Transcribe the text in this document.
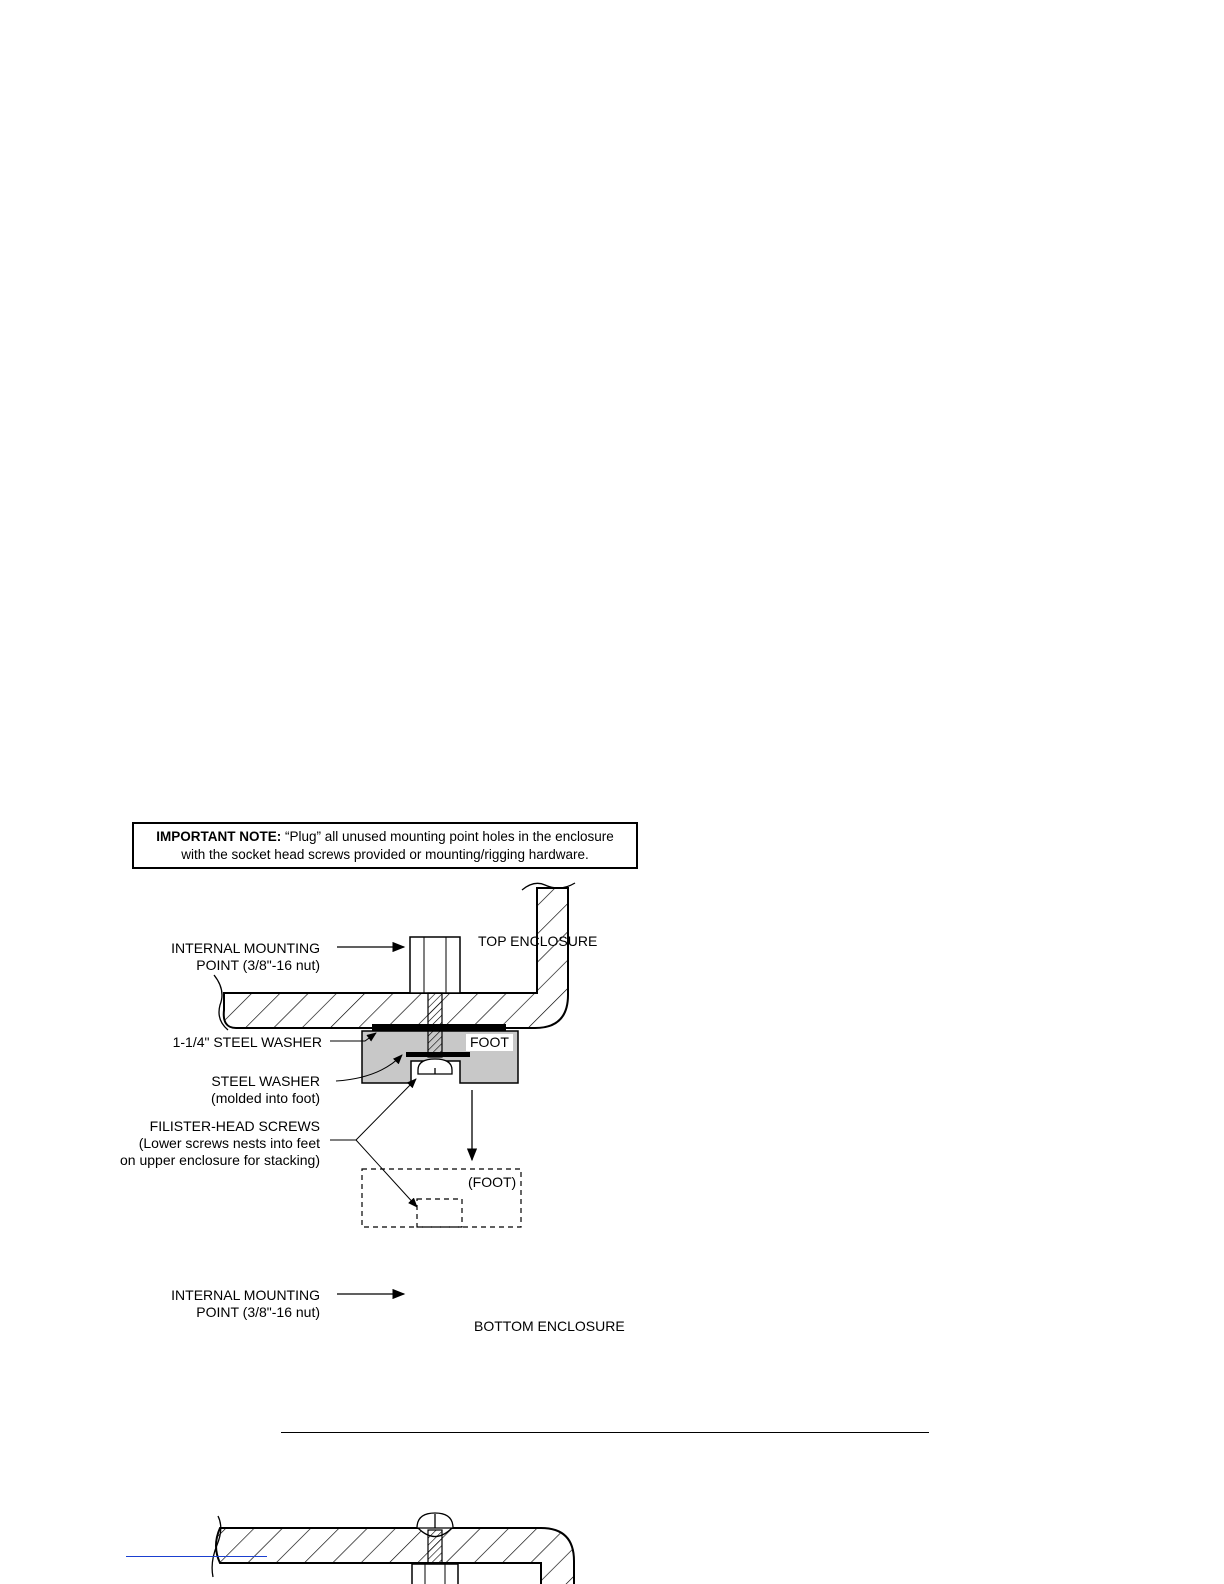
IMPORTANT NOTE: “Plug” all unused mounting point holes in the enclosure
with the socket head screws provided or mounting/rigging hardware.
INTERNAL MOUNTING
POINT (3/8"-16 nut)
TOP ENCLOSURE
1-1/4" STEEL WASHER	FOOT
STEEL WASHER
(molded into foot)
FILISTER-HEAD SCREWS
(Lower screws nests into feet
on upper enclosure for stacking)
(FOOT)
INTERNAL MOUNTING
POINT (3/8"-16 nut)
BOTTOM ENCLOSURE
